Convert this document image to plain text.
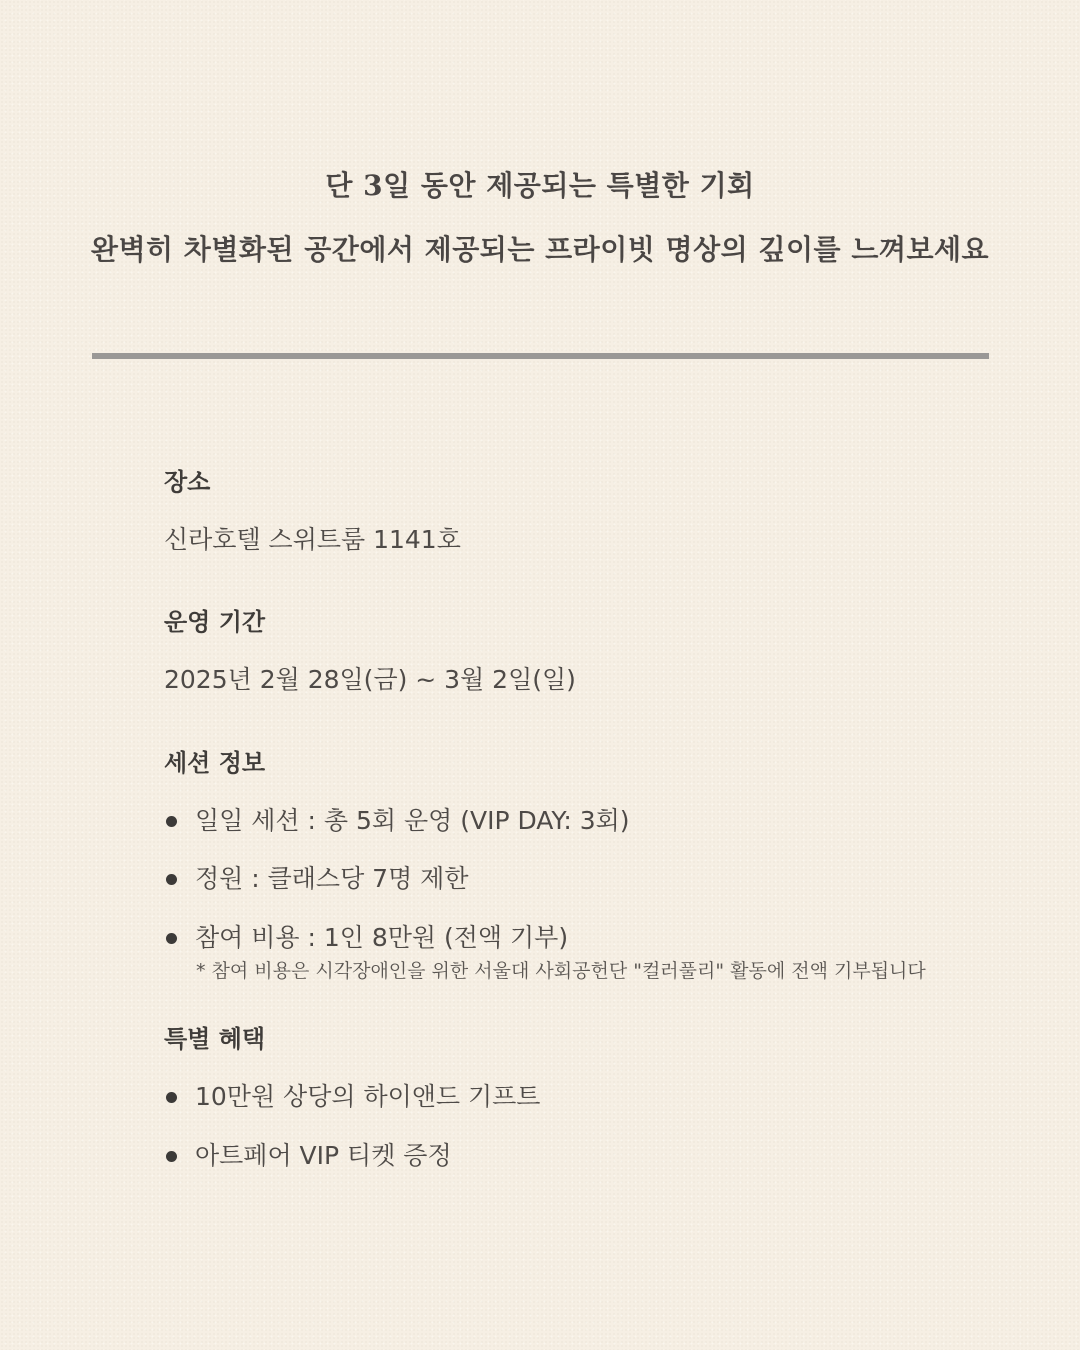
단 3일 동안 제공되는 특별한 기회
완벽히 차별화된 공간에서 제공되는 프라이빗 명상의 깊이를 느껴보세요
장소
신라호텔 스위트룸 1141호
운영 기간
2025년 2월 28일(금) ~ 3월 2일(일)
세션 정보
일일 세션 : 총 5회 운영 (VIP DAY: 3회)
정원 : 클래스당 7명 제한
참여 비용 : 1인 8만원 (전액 기부)
* 참여 비용은 시각장애인을 위한 서울대 사회공헌단 "컬러풀리" 활동에 전액 기부됩니다
특별 혜택
10만원 상당의 하이앤드 기프트
아트페어 VIP 티켓 증정
